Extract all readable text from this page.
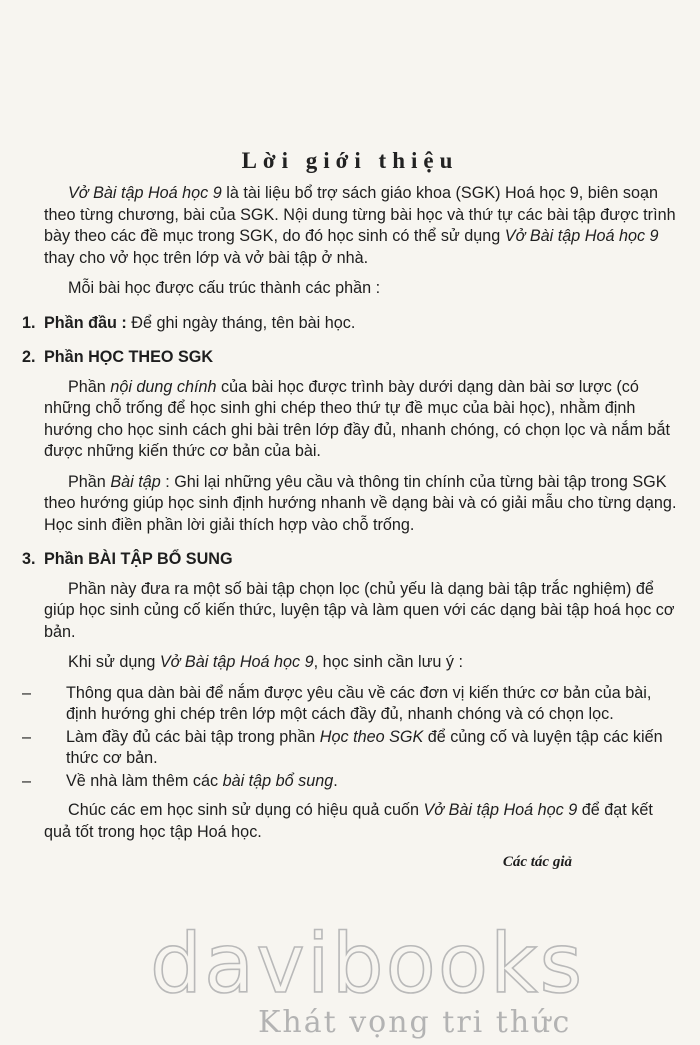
Lời giới thiệu

Vở Bài tập Hoá học 9 là tài liệu bổ trợ sách giáo khoa (SGK) Hoá học 9, biên soạn theo từng chương, bài của SGK. Nội dung từng bài học và thứ tự các bài tập được trình bày theo các đề mục trong SGK, do đó học sinh có thể sử dụng Vở Bài tập Hoá học 9 thay cho vở học trên lớp và vở bài tập ở nhà.

Mỗi bài học được cấu trúc thành các phần :

1. Phần đầu : Để ghi ngày tháng, tên bài học.
2. Phần HỌC THEO SGK

Phần nội dung chính của bài học được trình bày dưới dạng dàn bài sơ lược (có những chỗ trống để học sinh ghi chép theo thứ tự đề mục của bài học), nhằm định hướng cho học sinh cách ghi bài trên lớp đầy đủ, nhanh chóng, có chọn lọc và nắm bắt được những kiến thức cơ bản của bài.

Phần Bài tập : Ghi lại những yêu cầu và thông tin chính của từng bài tập trong SGK theo hướng giúp học sinh định hướng nhanh về dạng bài và có giải mẫu cho từng dạng. Học sinh điền phần lời giải thích hợp vào chỗ trống.

3. Phần BÀI TẬP BỔ SUNG

Phần này đưa ra một số bài tập chọn lọc (chủ yếu là dạng bài tập trắc nghiệm) để giúp học sinh củng cố kiến thức, luyện tập và làm quen với các dạng bài tập hoá học cơ bản.

Khi sử dụng Vở Bài tập Hoá học 9, học sinh cần lưu ý :

– Thông qua dàn bài để nắm được yêu cầu về các đơn vị kiến thức cơ bản của bài, định hướng ghi chép trên lớp một cách đầy đủ, nhanh chóng và có chọn lọc.
– Làm đầy đủ các bài tập trong phần Học theo SGK để củng cố và luyện tập các kiến thức cơ bản.
– Về nhà làm thêm các bài tập bổ sung.

Chúc các em học sinh sử dụng có hiệu quả cuốn Vở Bài tập Hoá học 9 để đạt kết quả tốt trong học tập Hoá học.

Các tác giả
davibooks
Khát vọng tri thức
